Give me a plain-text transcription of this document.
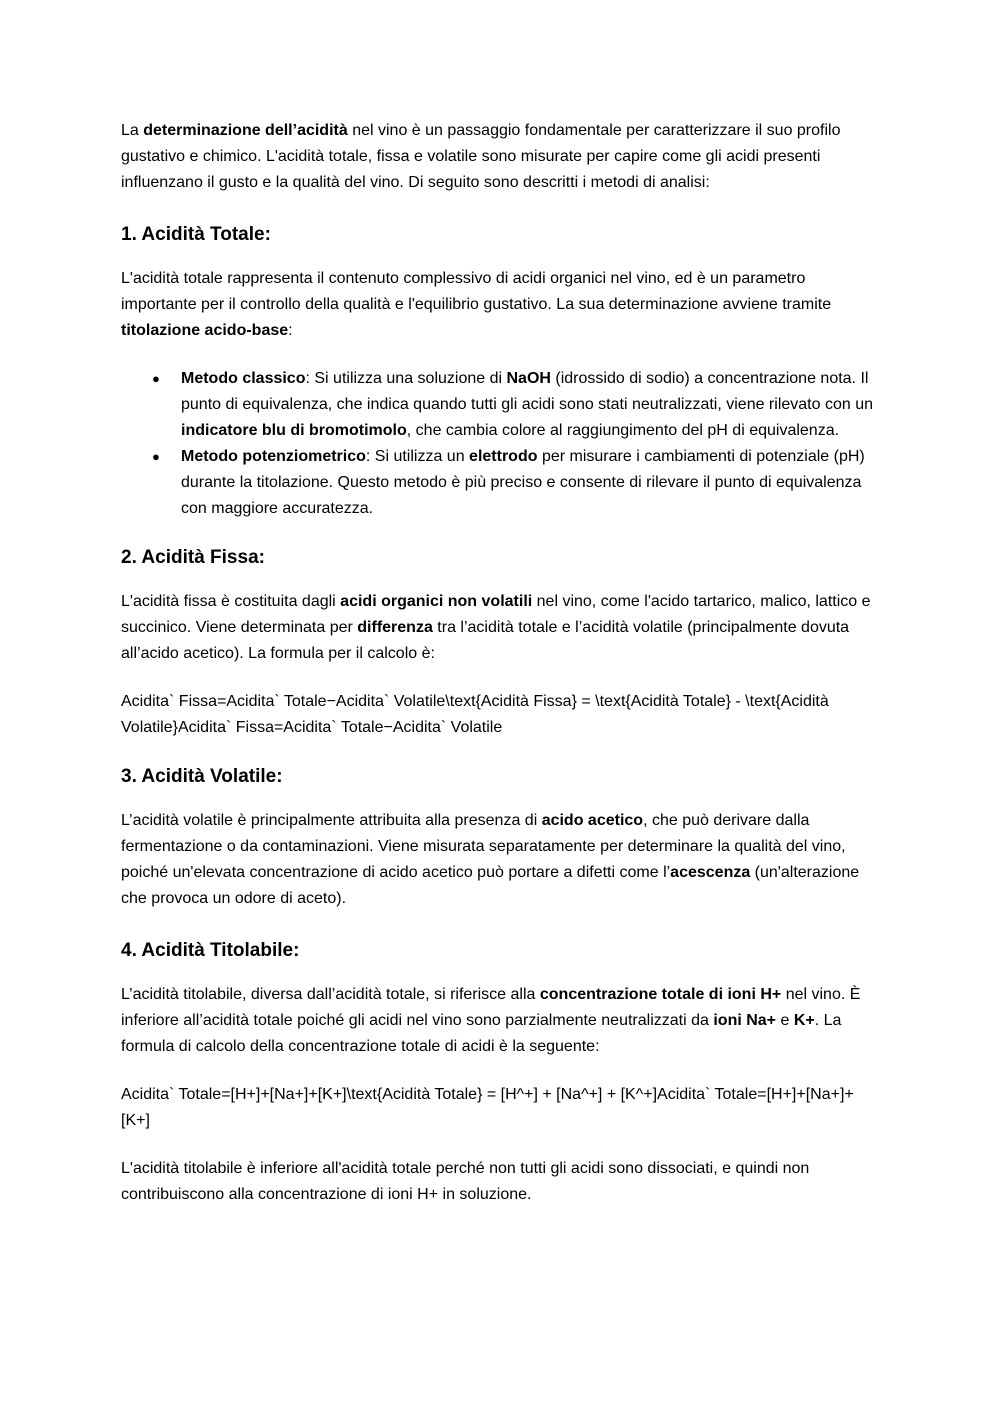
La determinazione dell’acidità nel vino è un passaggio fondamentale per caratterizzare il suo profilo gustativo e chimico. L'acidità totale, fissa e volatile sono misurate per capire come gli acidi presenti influenzano il gusto e la qualità del vino. Di seguito sono descritti i metodi di analisi:

1. Acidità Totale:

L'acidità totale rappresenta il contenuto complessivo di acidi organici nel vino, ed è un parametro importante per il controllo della qualità e l'equilibrio gustativo. La sua determinazione avviene tramite titolazione acido-base:

● Metodo classico: Si utilizza una soluzione di NaOH (idrossido di sodio) a concentrazione nota. Il punto di equivalenza, che indica quando tutti gli acidi sono stati neutralizzati, viene rilevato con un indicatore blu di bromotimolo, che cambia colore al raggiungimento del pH di equivalenza.
● Metodo potenziometrico: Si utilizza un elettrodo per misurare i cambiamenti di potenziale (pH) durante la titolazione. Questo metodo è più preciso e consente di rilevare il punto di equivalenza con maggiore accuratezza.
2. Acidità Fissa:

L'acidità fissa è costituita dagli acidi organici non volatili nel vino, come l'acido tartarico, malico, lattico e succinico. Viene determinata per differenza tra l’acidità totale e l’acidità volatile (principalmente dovuta all’acido acetico). La formula per il calcolo è:

Acidita` Fissa=Acidita` Totale−Acidita` Volatile\text{Acidità Fissa} = \text{Acidità Totale} - \text{Acidità Volatile}Acidita` Fissa=Acidita` Totale−Acidita` Volatile

3. Acidità Volatile:

L’acidità volatile è principalmente attribuita alla presenza di acido acetico, che può derivare dalla fermentazione o da contaminazioni. Viene misurata separatamente per determinare la qualità del vino, poiché un'elevata concentrazione di acido acetico può portare a difetti come l’acescenza (un'alterazione che provoca un odore di aceto).

4. Acidità Titolabile:

L’acidità titolabile, diversa dall’acidità totale, si riferisce alla concentrazione totale di ioni H+ nel vino. È inferiore all’acidità totale poiché gli acidi nel vino sono parzialmente neutralizzati da ioni Na+ e K+. La formula di calcolo della concentrazione totale di acidi è la seguente:

Acidita` Totale=[H+]+[Na+]+[K+]\text{Acidità Totale} = [H^+] + [Na^+] + [K^+]Acidita` Totale=[H+]+[Na+]+[K+]

L'acidità titolabile è inferiore all'acidità totale perché non tutti gli acidi sono dissociati, e quindi non contribuiscono alla concentrazione di ioni H+ in soluzione.
